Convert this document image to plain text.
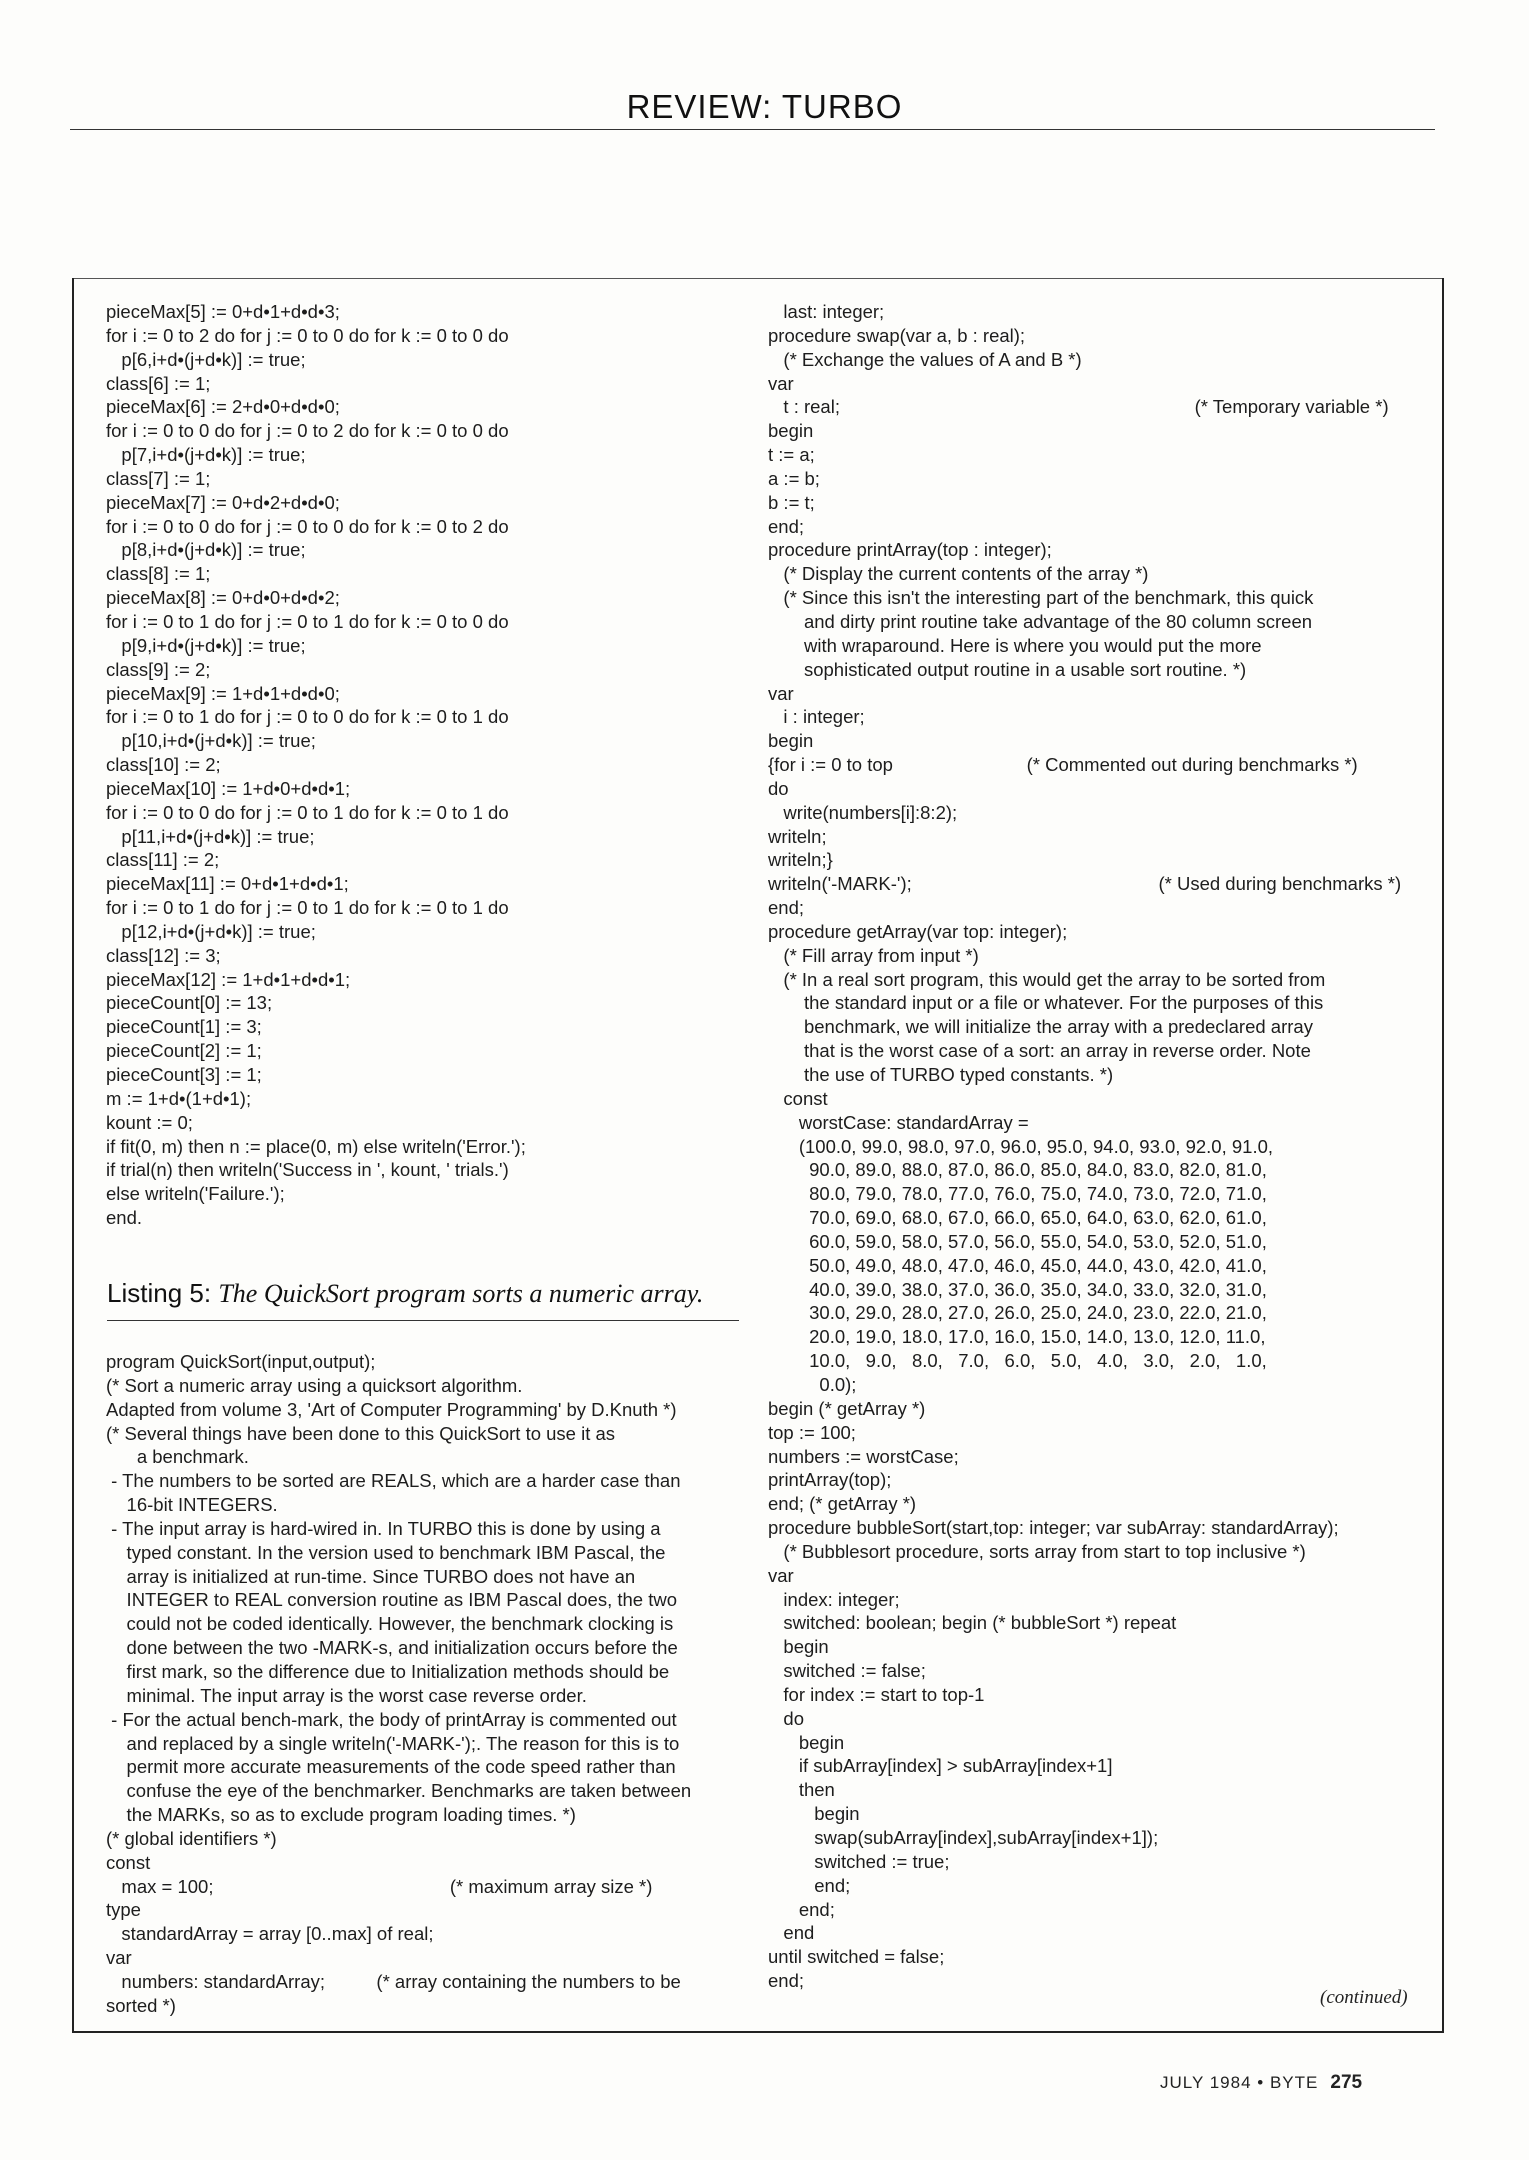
REVIEW: TURBO
pieceMax[5] := 0+d•1+d•d•3;
for i := 0 to 2 do for j := 0 to 0 do for k := 0 to 0 do
p[6,i+d•(j+d•k)] := true;
class[6] := 1;
pieceMax[6] := 2+d•0+d•d•0;
for i := 0 to 0 do for j := 0 to 2 do for k := 0 to 0 do
p[7,i+d•(j+d•k)] := true;
class[7] := 1;
pieceMax[7] := 0+d•2+d•d•0;
for i := 0 to 0 do for j := 0 to 0 do for k := 0 to 2 do
p[8,i+d•(j+d•k)] := true;
class[8] := 1;
pieceMax[8] := 0+d•0+d•d•2;
for i := 0 to 1 do for j := 0 to 1 do for k := 0 to 0 do
p[9,i+d•(j+d•k)] := true;
class[9] := 2;
pieceMax[9] := 1+d•1+d•d•0;
for i := 0 to 1 do for j := 0 to 0 do for k := 0 to 1 do
p[10,i+d•(j+d•k)] := true;
class[10] := 2;
pieceMax[10] := 1+d•0+d•d•1;
for i := 0 to 0 do for j := 0 to 1 do for k := 0 to 1 do
p[11,i+d•(j+d•k)] := true;
class[11] := 2;
pieceMax[11] := 0+d•1+d•d•1;
for i := 0 to 1 do for j := 0 to 1 do for k := 0 to 1 do
p[12,i+d•(j+d•k)] := true;
class[12] := 3;
pieceMax[12] := 1+d•1+d•d•1;
pieceCount[0] := 13;
pieceCount[1] := 3;
pieceCount[2] := 1;
pieceCount[3] := 1;
m := 1+d•(1+d•1);
kount := 0;
if fit(0, m) then n := place(0, m) else writeln('Error.');
if trial(n) then writeln('Success in ', kount, ' trials.')
else writeln('Failure.');
end.
Listing 5: The QuickSort program sorts a numeric array.
program QuickSort(input,output);
(* Sort a numeric array using a quicksort algorithm.
Adapted from volume 3, 'Art of Computer Programming' by D.Knuth *)
(* Several things have been done to this QuickSort to use it as
a benchmark.
- The numbers to be sorted are REALS, which are a harder case than
16-bit INTEGERS.
- The input array is hard-wired in. In TURBO this is done by using a
typed constant. In the version used to benchmark IBM Pascal, the
array is initialized at run-time. Since TURBO does not have an
INTEGER to REAL conversion routine as IBM Pascal does, the two
could not be coded identically. However, the benchmark clocking is
done between the two -MARK-s, and initialization occurs before the
first mark, so the difference due to Initialization methods should be
minimal. The input array is the worst case reverse order.
- For the actual bench-mark, the body of printArray is commented out
and replaced by a single writeln('-MARK-');. The reason for this is to
permit more accurate measurements of the code speed rather than
confuse the eye of the benchmarker. Benchmarks are taken between
the MARKs, so as to exclude program loading times. *)
(* global identifiers *)
const
max = 100;                                              (* maximum array size *)
type
standardArray = array [0..max] of real;
var
numbers: standardArray;          (* array containing the numbers to be
sorted *)
last: integer;
procedure swap(var a, b : real);
(* Exchange the values of A and B *)
var
t : real;                                                                     (* Temporary variable *)
begin
t := a;
a := b;
b := t;
end;
procedure printArray(top : integer);
(* Display the current contents of the array *)
(* Since this isn't the interesting part of the benchmark, this quick
and dirty print routine take advantage of the 80 column screen
with wraparound. Here is where you would put the more
sophisticated output routine in a usable sort routine. *)
var
i : integer;
begin
{for i := 0 to top                          (* Commented out during benchmarks *)
do
write(numbers[i]:8:2);
writeln;
writeln;}
writeln('-MARK-');                                                (* Used during benchmarks *)
end;
procedure getArray(var top: integer);
(* Fill array from input *)
(* In a real sort program, this would get the array to be sorted from
the standard input or a file or whatever. For the purposes of this
benchmark, we will initialize the array with a predeclared array
that is the worst case of a sort: an array in reverse order. Note
the use of TURBO typed constants. *)
const
worstCase: standardArray =
(100.0, 99.0, 98.0, 97.0, 96.0, 95.0, 94.0, 93.0, 92.0, 91.0,
90.0, 89.0, 88.0, 87.0, 86.0, 85.0, 84.0, 83.0, 82.0, 81.0,
80.0, 79.0, 78.0, 77.0, 76.0, 75.0, 74.0, 73.0, 72.0, 71.0,
70.0, 69.0, 68.0, 67.0, 66.0, 65.0, 64.0, 63.0, 62.0, 61.0,
60.0, 59.0, 58.0, 57.0, 56.0, 55.0, 54.0, 53.0, 52.0, 51.0,
50.0, 49.0, 48.0, 47.0, 46.0, 45.0, 44.0, 43.0, 42.0, 41.0,
40.0, 39.0, 38.0, 37.0, 36.0, 35.0, 34.0, 33.0, 32.0, 31.0,
30.0, 29.0, 28.0, 27.0, 26.0, 25.0, 24.0, 23.0, 22.0, 21.0,
20.0, 19.0, 18.0, 17.0, 16.0, 15.0, 14.0, 13.0, 12.0, 11.0,
10.0,   9.0,   8.0,   7.0,   6.0,   5.0,   4.0,   3.0,   2.0,   1.0,
0.0);
begin (* getArray *)
top := 100;
numbers := worstCase;
printArray(top);
end; (* getArray *)
procedure bubbleSort(start,top: integer; var subArray: standardArray);
(* Bubblesort procedure, sorts array from start to top inclusive *)
var
index: integer;
switched: boolean; begin (* bubbleSort *) repeat
begin
switched := false;
for index := start to top-1
do
begin
if subArray[index] > subArray[index+1]
then
begin
swap(subArray[index],subArray[index+1]);
switched := true;
end;
end;
end
until switched = false;
end;
(continued)
JULY 1984 • BYTE 275
